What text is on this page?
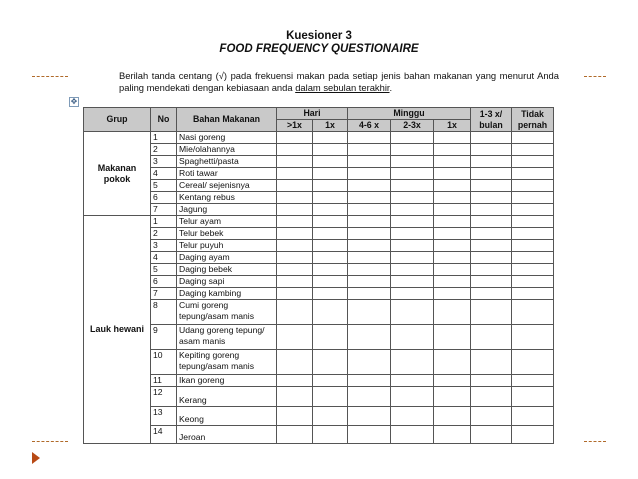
Kuesioner 3
FOOD FREQUENCY QUESTIONAIRE
Berilah tanda centang (√) pada frekuensi makan pada setiap jenis bahan makanan yang menurut Anda paling mendekati dengan kebiasaan anda dalam sebulan terakhir.
✥
Grup	No	Bahan Makanan	Hari		Minggu			1-3 x/ bulan	Tidak pernah
			>1x	1x	4-6 x	2-3x	1x		
Makanan pokok	1	Nasi goreng							
	2	Mie/olahannya							
	3	Spaghetti/pasta							
	4	Roti tawar							
	5	Cereal/ sejenisnya							
	6	Kentang rebus							
	7	Jagung							
Lauk hewani	1	Telur ayam							
	2	Telur bebek							
	3	Telur puyuh							
	4	Daging ayam							
	5	Daging bebek							
	6	Daging sapi							
	7	Daging kambing							
	8	Cumi goreng tepung/asam manis							
	9	Udang goreng tepung/ asam manis							
	10	Kepiting goreng tepung/asam manis							
	11	Ikan goreng							
	12	Kerang							
	13	Keong							
	14	Jeroan							
